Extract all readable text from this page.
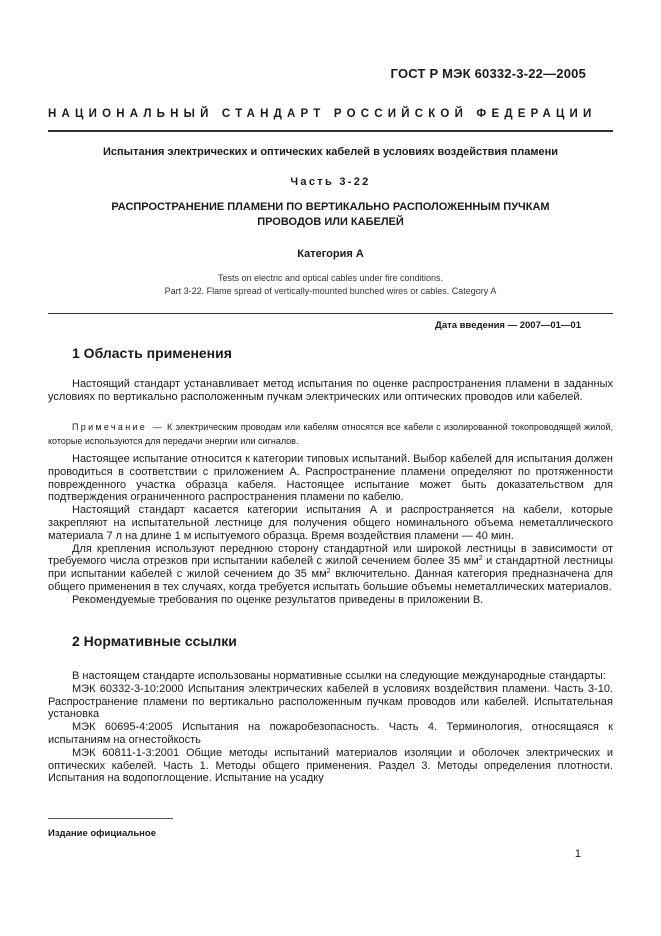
ГОСТ Р МЭК 60332-3-22—2005
НАЦИОНАЛЬНЫЙ СТАНДАРТ РОССИЙСКОЙ ФЕДЕРАЦИИ
Испытания электрических и оптических кабелей в условиях воздействия пламени
Часть 3-22
РАСПРОСТРАНЕНИЕ ПЛАМЕНИ ПО ВЕРТИКАЛЬНО РАСПОЛОЖЕННЫМ ПУЧКАМ
ПРОВОДОВ ИЛИ КАБЕЛЕЙ
Категория А
Tests on electric and optical cables under fire conditions.
Part 3-22. Flame spread of vertically-mounted bunched wires or cables. Category A
Дата введения — 2007—01—01
1 Область применения

Настоящий стандарт устанавливает метод испытания по оценке распространения пламени в заданных условиях по вертикально расположенным пучкам электрических или оптических проводов или кабелей.

Примечание — К электрическим проводам или кабелям относятся все кабели с изолированной токопроводящей жилой, которые используются для передачи энергии или сигналов.

Настоящее испытание относится к категории типовых испытаний. Выбор кабелей для испытания должен проводиться в соответствии с приложением А. Распространение пламени определяют по протяженности поврежденного участка образца кабеля. Настоящее испытание может быть доказательством для подтверждения ограниченного распространения пламени по кабелю.

Настоящий стандарт касается категории испытания А и распространяется на кабели, которые закрепляют на испытательной лестнице для получения общего номинального объема неметаллического материала 7 л на длине 1 м испытуемого образца. Время воздействия пламени — 40 мин.

Для крепления используют переднюю сторону стандартной или широкой лестницы в зависимости от требуемого числа отрезков при испытании кабелей с жилой сечением более 35 $мм^2$ и стандартной лестницы при испытании кабелей с жилой сечением до 35 $мм^2$ включительно. Данная категория предназначена для общего применения в тех случаях, когда требуется испытать большие объемы неметаллических материалов.

Рекомендуемые требования по оценке результатов приведены в приложении В.

2 Нормативные ссылки

В настоящем стандарте использованы нормативные ссылки на следующие международные стандарты:

МЭК 60332-3-10:2000 Испытания электрических кабелей в условиях воздействия пламени. Часть 3-10. Распространение пламени по вертикально расположенным пучкам проводов или кабелей. Испытательная установка

МЭК 60695-4:2005 Испытания на пожаробезопасность. Часть 4. Терминология, относящаяся к испытаниям на огнестойкость

МЭК 60811-1-3:2001 Общие методы испытаний материалов изоляции и оболочек электрических и оптических кабелей. Часть 1. Методы общего применения. Раздел 3. Методы определения плотности. Испытания на водопоглощение. Испытание на усадку

Издание официальное
1
